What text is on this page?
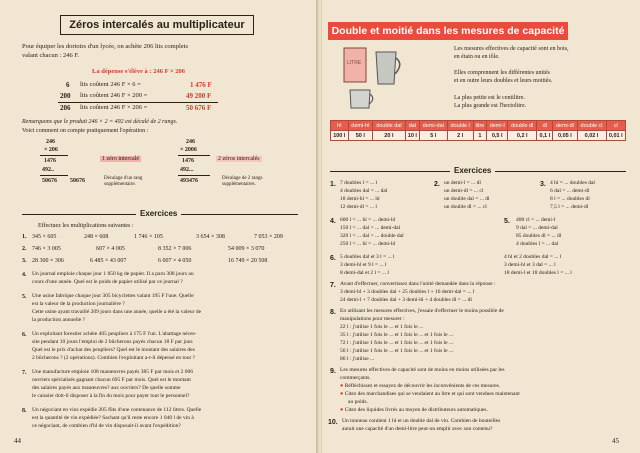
Zéros intercalés au multiplicateur
Pour équiper les dortoirs d'un lycée, on achète 206 lits complets
valant chacun : 246 F.
La dépense s'élève à : 246 F × 206
6 lits coûtent 246 F × 6 =	1 476 F
200 lits coûtent 246 F × 200 =	49 200 F
206 lits coûtent 246 F × 206 =	50 676 F
Remarquons que le produit 246 × 2 = 492 est décalé de 2 rangs.
Voici comment on compte pratiquement l'opération :
246
× 206
1476
492..
50676 50676
1 zéro intercalé
Décalage d'un rang supplémentaire.
246
× 2006
1476
492...
493476
2 zéros intercalés
Décalage de 2 rangs supplémentaires.
Exercices
Effectuez les multiplications suivantes :
1. 345 × 605	248 × 608	1 746 × 105	3 654 × 308	7 053 × 209
2. 746 × 3 005	607 × 4 005	8 352 × 7 006	54 009 × 3 070
3. 28 300 × 306	6 485 × 43 007	6 007 × 4 050	16 749 × 20 508
4. Un journal emploie chaque jour 1 850 kg de papier. Il a paru 308 jours au
cours d'une année. Quel est le poids de papier utilisé par ce journal ?
5. Une usine fabrique chaque jour 305 bicyclettes valant 195 F l'une. Quelle
est la valeur de la production journalière ?
Cette usine ayant travaillé 209 jours dans une année, quelle a été la valeur de
la production annuelle ?
6. Un exploitant forestier achète 405 peupliers à 175 F l'un. L'abattage néces-
site pendant 10 jours l'emploi de 2 bûcherons payés chacun 18 F par jour.
Quel est le prix d'achat des peupliers? Quel est le montant des salaires des
2 bûcherons ? (2 opérations). Combien l'exploitant a-t-il dépensé en tout ?
7. Une manufacture emploie 108 manœuvres payés 385 F par mois et 2 006
ouvriers spécialisés gagnant chacun 695 F par mois. Quel est le montant
des salaires payés aux manœuvres? aux ouvriers? De quelle somme
le caissier doit-il disposer à la fin du mois pour payer tout le personnel?
8. Un négociant en vins expédie 205 fûts d'une contenance de 112 litres. Quelle
est la quantité de vin expédiée? Sachant qu'il reste encore 1 040 l de vin à
ce négociant, de combien d'hl de vin disposait-il avant l'expédition?
44
Double et moitié dans les mesures de capacité
LITRE
Les mesures effectives de capacité sont en bois,
en étain ou en tôle.
Elles comprennent les différentes unités
et en outre leurs doubles et leurs moitiés.
La plus petite est le centilitre.
La plus grande est l'hectolitre.
hl	demi-hl	double dal	dal	demi-dal	double l	litre	demi-l	double dl	dl	demi-dl	double cl	cl
100 l	50 l	20 l	10 l	5 l	2 l	1	0,5 l	0,2 l	0,1 l	0,05 l	0,02 l	0,01 l
Exercices
1. 7 doubles l = ... l
4 doubles dal = ... dal
18 demi-hl = ... hl
12 demi-dl = ... l
2. un demi-l = ... dl
un demi-dl = ... cl
un double dal = ... dl
un double dl = ... cl
3. 4 hl = ... doubles dal
6 dal = ... demi-dl
8 l = ... doubles dl
7,5 l = ... demi-dl
4. 600 l = ... hl = ... demi-hl
150 l = ... dal = ... demi-dal
320 l = ... dal = ... double dal
250 l = ... hl = ... demi-hl
5. 400 cl = ... demi-l
9 dal = ... demi-dal
85 doubles dl = ... dl
4 doubles l = ... dal
6. 5 doubles dal et 3 l = ... l
3 demi-hl et 9 l = ... l
8 demi-dal et 2 l = ... l
4 hl et 2 doubles dal = ... l
3 demi-hl et 3 dal = ... l
18 demi-l et 18 doubles l = ... l
7. Avant d'effectuer, convertissez dans l'unité demandée dans la réponse :
3 demi-hl + 3 doubles dal + 25 doubles l + 16 demi-dal = ... l
24 demi-l + 7 doubles dal + 3 demi-hl + 4 doubles dl = ... dl
8. En utilisant les mesures effectives, j'essaie d'effectuer le moins possible de
manipulations pour mesurer :
22 l : j'utilise 1 fois le ... et 1 fois le ...
35 l : j'utilise 1 fois le ... et 1 fois le ... et 1 fois le ...
72 l : j'utilise 1 fois le ... et 1 fois le ... et 1 fois le ...
56 l : j'utilise 1 fois le ... et 1 fois le ... et 1 fois le ...
86 l : j'utilise ...
9. Les mesures effectives de capacité sont de moins en moins utilisées par les
commerçants.
● Réfléchissez et essayez de découvrir les inconvénients de ces mesures.
● Citez des marchandises qui se vendaient au litre et qui sont vendues maintenant
au poids.
● Citez des liquides livrés au moyen de distributeurs automatiques.
10. Un tonneau contient 1 hl et un double dal de vin. Combien de bouteilles
aurait une capacité d'un demi-litre peut-on emplir avec son contenu?
45
